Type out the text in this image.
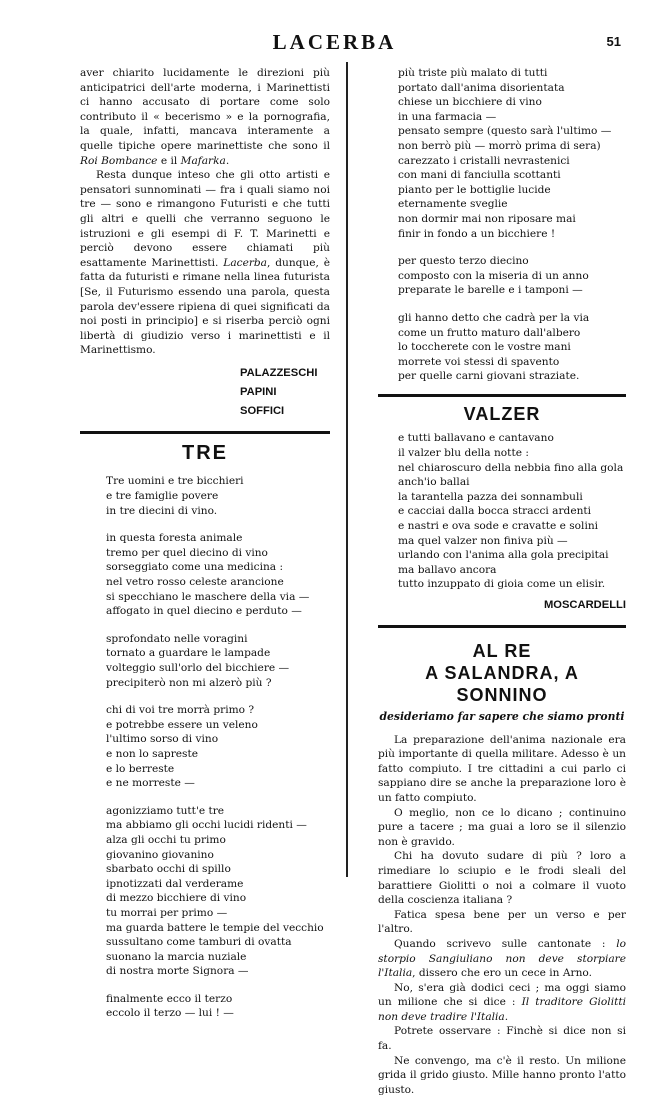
LACERBA	51

aver chiarito lucidamente le direzioni più anticipatrici dell'arte moderna, i Marinettisti ci hanno accusato di portare come solo contributo il « becerismo » e la pornografia, la quale, infatti, mancava interamente a quelle tipiche opere marinettiste che sono il Roi Bombance e il Mafarka.

Resta dunque inteso che gli otto artisti e pensatori sunnominati — fra i quali siamo noi tre — sono e rimangono Futuristi e che tutti gli altri e quelli che verranno seguono le istruzioni e gli esempi di F. T. Marinetti e perciò devono essere chiamati più esattamente Marinettisti. Lacerba, dunque, è fatta da futuristi e rimane nella linea futurista [Se, il Futurismo essendo una parola, questa parola dev'essere ripiena di quei significati da noi posti in principio] e si riserba perciò ogni libertà di giudizio verso i marinettisti e il Marinettismo.

PALAZZESCHI
PAPINI
SOFFICI
TRE
Tre uomini e tre bicchieri
e tre famiglie povere
in tre diecini di vino.
in questa foresta animale
tremo per quel diecino di vino
sorseggiato come una medicina :
nel vetro rosso celeste arancione
si specchiano le maschere della via —
affogato in quel diecino e perduto —
sprofondato nelle voragini
tornato a guardare le lampade
volteggio sull'orlo del bicchiere —
precipiterò non mi alzerò più ?
chi di voi tre morrà primo ?
e potrebbe essere un veleno
l'ultimo sorso di vino
e non lo sapreste
e lo berreste
e ne morreste —
agonizziamo tutt'e tre
ma abbiamo gli occhi lucidi ridenti —
alza gli occhi tu primo
giovanino giovanino
sbarbato occhi di spillo
ipnotizzati dal verderame
di mezzo bicchiere di vino
tu morrai per primo —
ma guarda battere le tempie del vecchio
sussultano come tamburi di ovatta
suonano la marcia nuziale
di nostra morte Signora —
finalmente ecco il terzo
eccolo il terzo — lui ! —
più triste più malato di tutti
portato dall'anima disorientata
chiese un bicchiere di vino
in una farmacia —
pensato sempre (questo sarà l'ultimo —
non berrò più — morrò prima di sera)
carezzato i cristalli nevrastenici
con mani di fanciulla scottanti
pianto per le bottiglie lucide
eternamente sveglie
non dormir mai non riposare mai
finir in fondo a un bicchiere !
per questo terzo diecino
composto con la miseria di un anno
preparate le barelle e i tamponi —
gli hanno detto che cadrà per la via
come un frutto maturo dall'albero
lo toccherete con le vostre mani
morrete voi stessi di spavento
per quelle carni giovani straziate.
VALZER
e tutti ballavano e cantavano
il valzer blu della notte :
nel chiaroscuro della nebbia fino alla gola
anch'io ballai
la tarantella pazza dei sonnambuli
e cacciai dalla bocca stracci ardenti
e nastri e ova sode e cravatte e solini
ma quel valzer non finiva più —
urlando con l'anima alla gola precipitai
ma ballavo ancora
tutto inzuppato di gioia come un elisir.
MOSCARDELLI
AL RE
A SALANDRA, A SONNINO
desideriamo far sapere che siamo pronti

La preparazione dell'anima nazionale era più importante di quella militare. Adesso è un fatto compiuto. I tre cittadini a cui parlo ci sappiano dire se anche la preparazione loro è un fatto compiuto.

O meglio, non ce lo dicano ; continuino pure a tacere ; ma guai a loro se il silenzio non è gravido.

Chi ha dovuto sudare di più ? loro a rimediare lo sciupio e le frodi sleali del barattiere Giolitti o noi a colmare il vuoto della coscienza italiana ?

Fatica spesa bene per un verso e per l'altro.

Quando scrivevo sulle cantonate : lo storpio Sangiuliano non deve storpiare l'Italia, dissero che ero un cece in Arno.

No, s'era già dodici ceci ; ma oggi siamo un milione che si dice : Il traditore Giolitti non deve tradire l'Italia.

Potrete osservare : Finchè si dice non si fa.

Ne convengo, ma c'è il resto. Un milione grida il grido giusto. Mille hanno pronto l'atto giusto.
